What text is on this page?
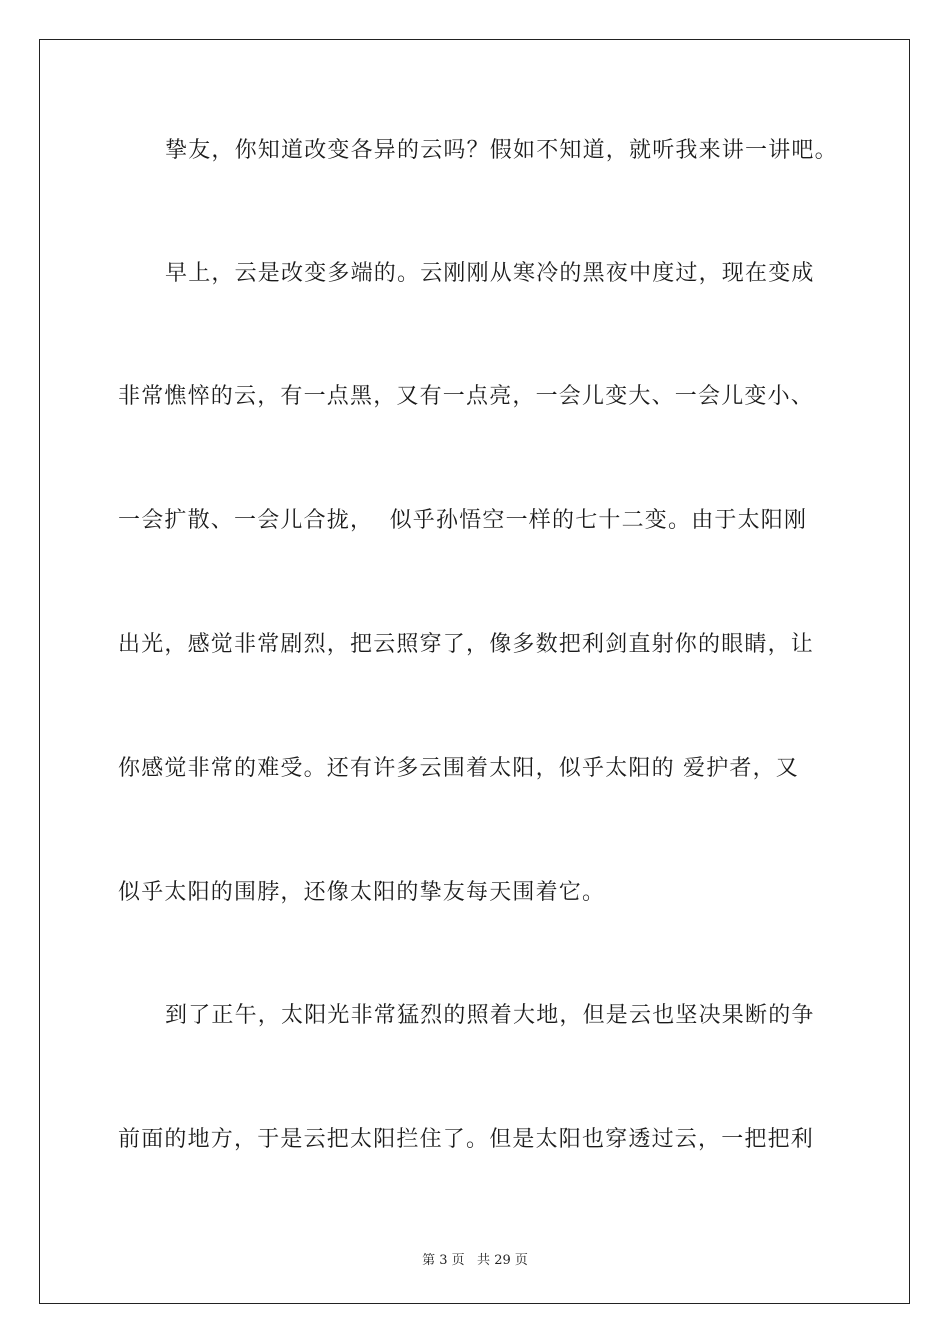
挚友，你知道改变各异的云吗？假如不知道，就听我来讲一讲吧。
早上，云是改变多端的。云刚刚从寒冷的黑夜中度过，现在变成
非常憔悴的云，有一点黑，又有一点亮，一会儿变大、一会儿变小、
一会扩散、一会儿合拢，  似乎孙悟空一样的七十二变。由于太阳刚
出光，感觉非常剧烈，把云照穿了，像多数把利剑直射你的眼睛，让
你感觉非常的难受。还有许多云围着太阳，似乎太阳的 爱护者，又
似乎太阳的围脖，还像太阳的挚友每天围着它。
到了正午，太阳光非常猛烈的照着大地，但是云也坚决果断的争
前面的地方，于是云把太阳拦住了。但是太阳也穿透过云，一把把利
第 3 页   共 29 页
